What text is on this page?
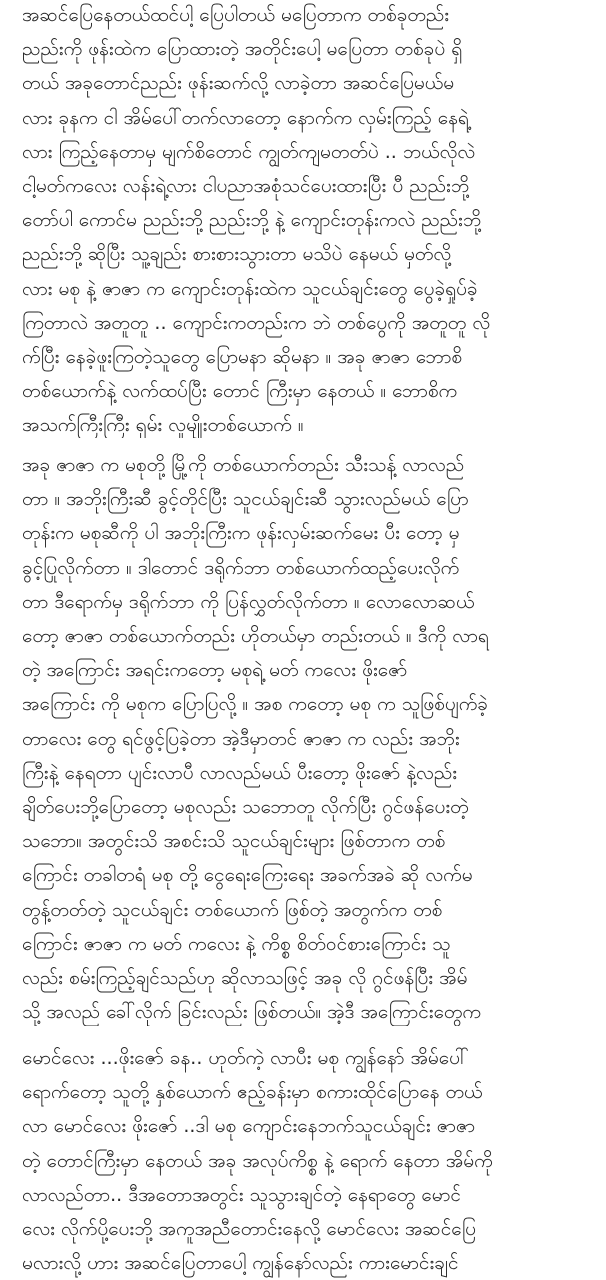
အဆင်ပြေနေတယ်ထင်ပါ့ ပြေပါတယ် မပြေတာက တစ်ခုတည်း
ညည်းကို ဖုန်းထဲက ပြောထားတဲ့ အတိုင်းပေါ့ မပြေတာ တစ်ခုပဲ ရှိ
တယ် အခုတောင်ညည်း ဖုန်းဆက်လို့ လာခဲ့တာ အဆင်ပြေမယ်မ
လား ခုနက ငါ အိမ်ပေါ်တက်လာတော့ နောက်က လှမ်းကြည့် နေရဲ့
လား ကြည့်နေတာမှ မျက်စိတောင် ကျွတ်ကျမတတ်ပဲ .. ဘယ်လိုလဲ
ငါ့မတ်ကလေး လန်းရဲ့လား ငါပညာအစုံသင်ပေးထားပြီး ပီ ညည်းဘို့
တော်ပါ ကောင်မ ညည်းဘို့ ညည်းဘို့ နဲ့ ကျောင်းတုန်းကလဲ ညည်းဘို့
ညည်းဘို့ ဆိုပြီး သူ့ချည်း စားစားသွားတာ မသိပဲ နေမယ် မှတ်လို့
လား မစု နဲ့ ဇာဇာ က ကျောင်းတုန်းထဲက သူငယ်ချင်းတွေ ပွေခဲ့ရှုပ်ခဲ့
ကြတာလဲ အတူတူ .. ကျောင်းကတည်းက ဘဲ တစ်ပွေကို အတူတူ လို
က်ပြီး နေခဲ့ဖူးကြတဲ့သူတွေ ပြောမနာ ဆိုမနာ ။ အခု ဇာဇာ ဘောစိ
တစ်ယောက်နဲ့ လက်ထပ်ပြီး တောင် ကြီးမှာ နေတယ် ။ ဘောစိက
အသက်ကြီးကြီး ရှမ်း လူမျိုးတစ်ယောက် ။

အခု ဇာဇာ က မစုတို့ မြို့ကို တစ်ယောက်တည်း သီးသန့် လာလည်
တာ ။ အဘိုးကြီးဆီ ခွင့်တိုင်ပြီး သူငယ်ချင်းဆီ သွားလည်မယ် ပြော
တုန်းက မစုဆီကို ပါ အဘိုးကြီးက ဖုန်းလှမ်းဆက်မေး ပီး တော့ မှ
ခွင့်ပြုလိုက်တာ ။ ဒါတောင် ဒရိုက်ဘာ တစ်ယောက်ထည့်ပေးလိုက်
တာ ဒီရောက်မှ ဒရိုက်ဘာ ကို ပြန်လွှတ်လိုက်တာ ။ လောလောဆယ်
တော့ ဇာဇာ တစ်ယောက်တည်း ဟိုတယ်မှာ တည်းတယ် ။ ဒီကို လာရ
တဲ့ အကြောင်း အရင်းကတော့ မစုရဲ့ မတ် ကလေး ဖိုးဇော်
အကြောင်း ကို မစုက ပြောပြလို့ ။ အစ ကတော့ မစု က သူဖြစ်ပျက်ခဲ့
တာလေး တွေ ရင်ဖွင့်ပြခဲ့တာ အဲ့ဒီမှာတင် ဇာဇာ က လည်း အဘိုး
ကြီးနဲ့ နေရတာ ပျင်းလာပီ လာလည်မယ် ပီးတော့ ဖိုးဇော် နဲ့လည်း
ချိတ်ပေးဘို့ပြောတော့ မစုလည်း သဘောတူ လိုက်ပြီး ဂွင်ဖန်ပေးတဲ့
သဘော။ အတွင်းသိ အစင်းသိ သူငယ်ချင်းများ ဖြစ်တာက တစ်
ကြောင်း တခါတရံ မစု တို့ ငွေရေးကြေးရေး အခက်အခဲ ဆို လက်မ
တွန့်တတ်တဲ့ သူငယ်ချင်း တစ်ယောက် ဖြစ်တဲ့ အတွက်က တစ်
ကြောင်း ဇာဇာ က မတ် ကလေး နဲ့ ကိစ္စ စိတ်ဝင်စားကြောင်း သူ
လည်း စမ်းကြည့်ချင်သည်ဟု ဆိုလာသဖြင့် အခု လို ဂွင်ဖန်ပြီး အိမ်
သို့ အလည် ခေါ်လိုက် ခြင်းလည်း ဖြစ်တယ်။ အဲ့ဒီ အကြောင်းတွေက

မောင်လေး ...ဖိုးဇော် ခန.. ဟုတ်ကဲ့ လာပီး မစု ကျွန်နော် အိမ်ပေါ်
ရောက်တော့ သူတို့ နှစ်ယောက် ဧည့်ခန်းမှာ စကားထိုင်ပြောနေ တယ်
လာ မောင်လေး ဖိုးဇော် ..ဒါ မစု ကျောင်းနေဘက်သူငယ်ချင်း ဇာဇာ
တဲ့ တောင်ကြီးမှာ နေတယ် အခု အလုပ်ကိစ္စ နဲ့ ရောက် နေတာ အိမ်ကို
လာလည်တာ.. ဒီအတောအတွင်း သူသွားချင်တဲ့ နေရာတွေ မောင်
လေး လိုက်ပို့ပေးဘို့ အကူအညီတောင်းနေလို့ မောင်လေး အဆင်ပြေ
မလားလို့ ဟား အဆင်ပြေတာပေါ့ ကျွန်နော်လည်း ကားမောင်းချင်
